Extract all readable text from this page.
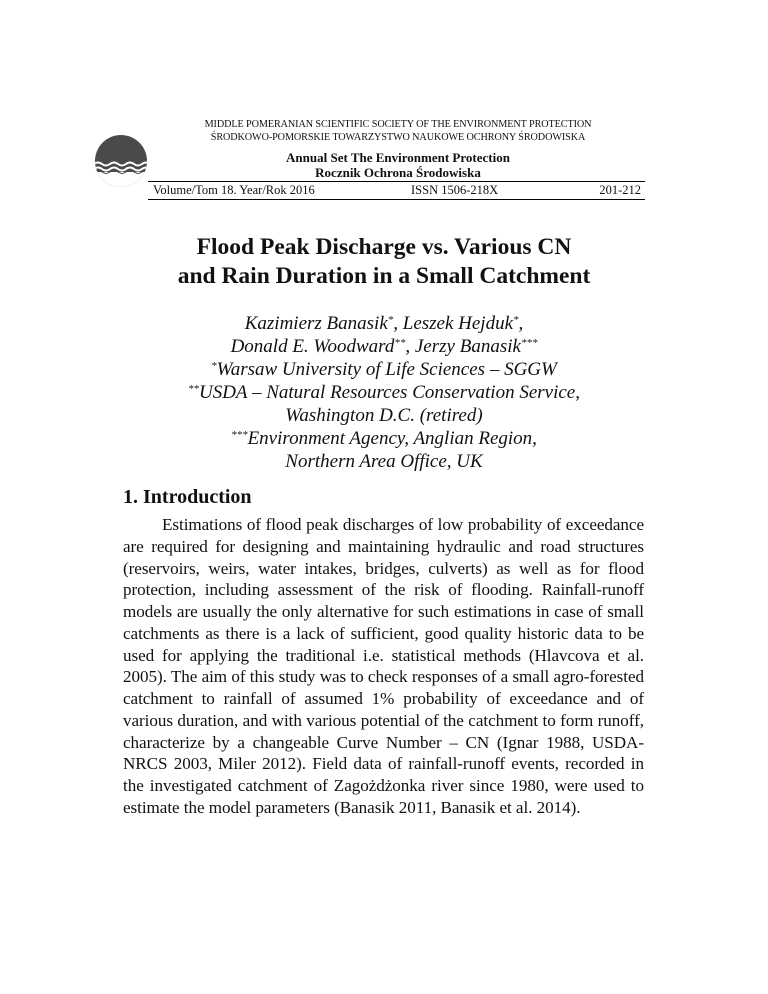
MIDDLE POMERANIAN SCIENTIFIC SOCIETY OF THE ENVIRONMENT PROTECTION
ŚRODKOWO-POMORSKIE TOWARZYSTWO NAUKOWE OCHRONY ŚRODOWISKA
Annual Set The Environment Protection
Rocznik Ochrona Środowiska
Volume/Tom 18. Year/Rok 2016	ISSN 1506-218X	201-212
Flood Peak Discharge vs. Various CN
and Rain Duration in a Small Catchment
Kazimierz Banasik*, Leszek Hejduk*,
Donald E. Woodward**, Jerzy Banasik***
*Warsaw University of Life Sciences – SGGW
**USDA – Natural Resources Conservation Service,
Washington D.C. (retired)
***Environment Agency, Anglian Region,
Northern Area Office, UK
1. Introduction

Estimations of flood peak discharges of low probability of exceedance are required for designing and maintaining hydraulic and road structures (reservoirs, weirs, water intakes, bridges, culverts) as well as for flood protection, including assessment of the risk of flooding. Rainfall-runoff models are usually the only alternative for such estimations in case of small catchments as there is a lack of sufficient, good quality historic data to be used for applying the traditional i.e. statistical methods (Hlavcova et al. 2005). The aim of this study was to check responses of a small agro-forested catchment to rainfall of assumed 1% probability of exceedance and of various duration, and with various potential of the catchment to form runoff, characterize by a changeable Curve Number – CN (Ignar 1988, USDA-NRCS 2003, Miler 2012). Field data of rainfall-runoff events, recorded in the investigated catchment of Zagożdżonka river since 1980, were used to estimate the model parameters (Banasik 2011, Banasik et al. 2014).
